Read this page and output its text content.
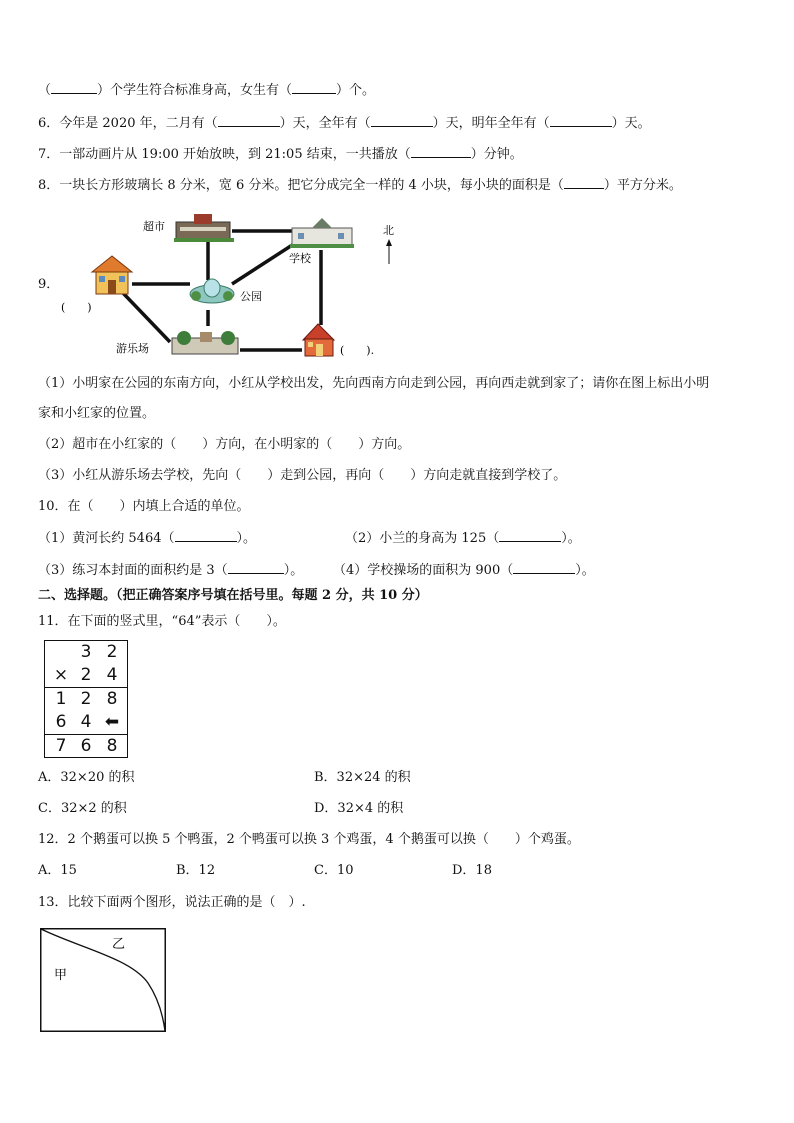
（	）个学生符合标准身高，女生有（	）个。
6．今年是 2020 年，二月有（	）天，全年有（	）天，明年全年有（	）天。
7．一部动画片从 19:00 开始放映，到 21:05 结束，一共播放（	）分钟。
8．一块长方形玻璃长 8 分米，宽 6 分米。把它分成完全一样的 4 小块，每小块的面积是（	）平方分米。
9．
超市
学校
北
(　　)
公园
游乐场	(　　).
（1）小明家在公园的东南方向，小红从学校出发，先向西南方向走到公园，再向西走就到家了；请你在图上标出小明
家和小红家的位置。
（2）超市在小红家的（　　）方向，在小明家的（　　）方向。
（3）小红从游乐场去学校，先向（　　）走到公园，再向（　　）方向走就直接到学校了。
10．在（　　）内填上合适的单位。
（1）黄河长约 5464（	）。	（2）小兰的身高为 125（	）。
（3）练习本封面的面积约是 3（	）。 （4）学校操场的面积为 900（	）。
二、选择题。（把正确答案序号填在括号里。每题 2 分，共 10 分）
11．在下面的竖式里，“64”表示（　　）。
3 2
× 2 4
1 2 8
6 4 ⬅
7 6 8
A．32×20 的积	B．32×24 的积
C．32×2 的积	D．32×4 的积
12．2 个鹅蛋可以换 5 个鸭蛋，2 个鸭蛋可以换 3 个鸡蛋，4 个鹅蛋可以换（　　）个鸡蛋。
A．15	B．12	C．10	D．18
13．比较下面两个图形，说法正确的是（　）.
乙
甲
